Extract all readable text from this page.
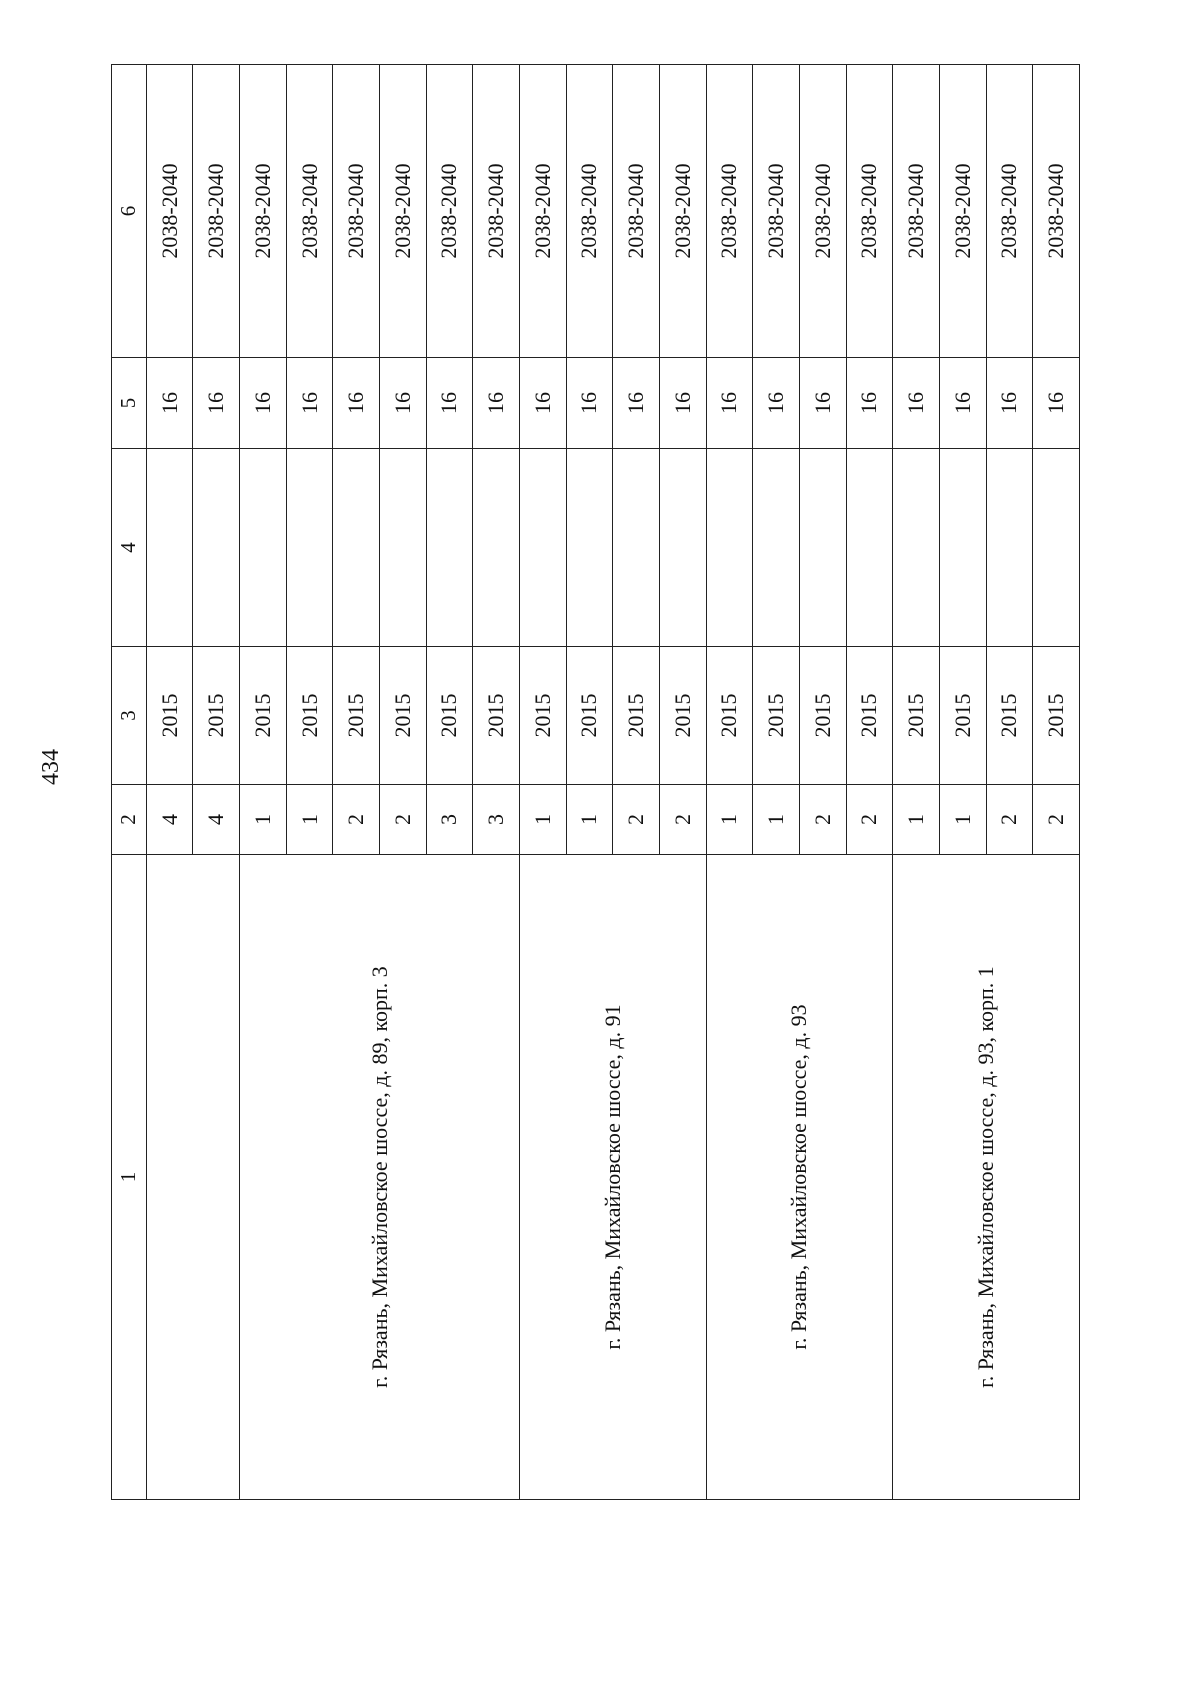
434
1	2	3	4	5	6
	4	2015		16	2038-2040
	4	2015		16	2038-2040
г. Рязань, Михайловское шоссе, д. 89, корп. 3	1	2015		16	2038-2040
	1	2015		16	2038-2040
	2	2015		16	2038-2040
	2	2015		16	2038-2040
	3	2015		16	2038-2040
	3	2015		16	2038-2040
г. Рязань, Михайловское шоссе, д. 91	1	2015		16	2038-2040
	1	2015		16	2038-2040
	2	2015		16	2038-2040
	2	2015		16	2038-2040
г. Рязань, Михайловское шоссе, д. 93	1	2015		16	2038-2040
	1	2015		16	2038-2040
	2	2015		16	2038-2040
	2	2015		16	2038-2040
г. Рязань, Михайловское шоссе, д. 93, корп. 1	1	2015		16	2038-2040
	1	2015		16	2038-2040
	2	2015		16	2038-2040
	2	2015		16	2038-2040
